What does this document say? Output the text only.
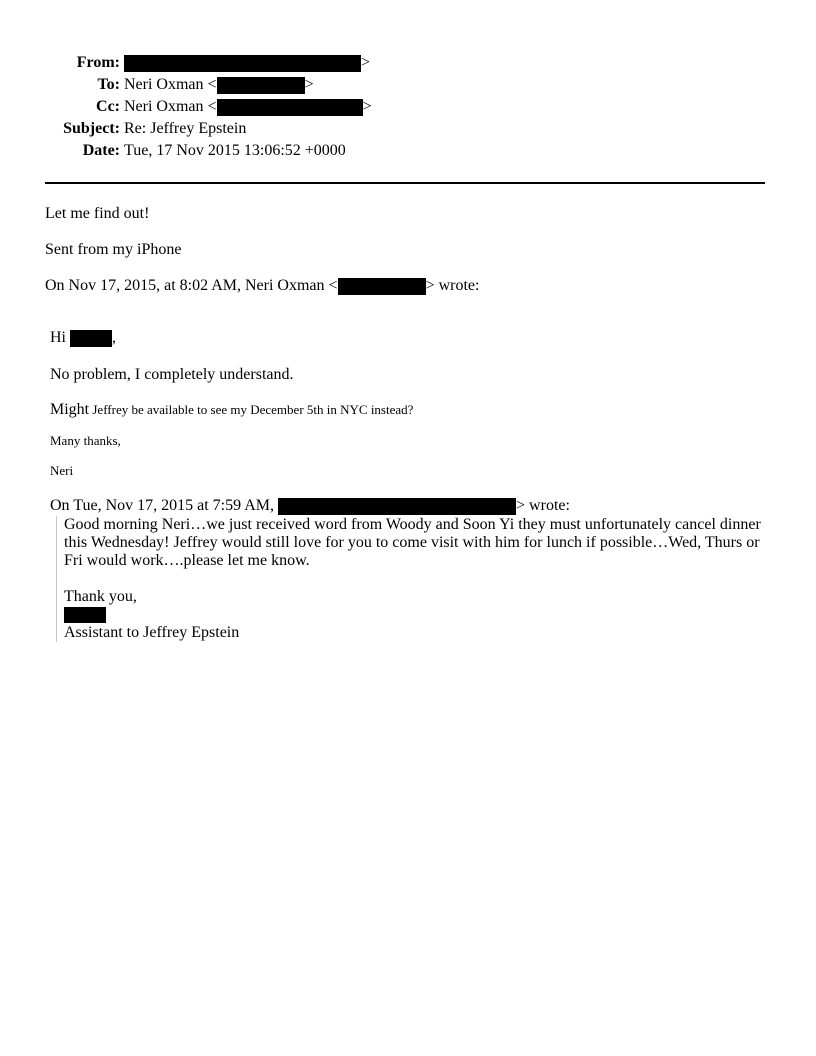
From:	>
To: Neri Oxman <	>
Cc: Neri Oxman <	>
Subject: Re: Jeffrey Epstein
Date: Tue, 17 Nov 2015 13:06:52 +0000
Let me find out!
Sent from my iPhone
On Nov 17, 2015, at 8:02 AM, Neri Oxman <	> wrote:
Hi	,
No problem, I completely understand.
Might Jeffrey be available to see my December 5th in NYC instead?
Many thanks,
Neri
On Tue, Nov 17, 2015 at 7:59 AM,	> wrote:
Good morning Neri…we just received word from Woody and Soon Yi they must unfortunately cancel dinner
this Wednesday! Jeffrey would still love for you to come visit with him for lunch if possible…Wed, Thurs or
Fri would work….please let me know.
Thank you,
Assistant to Jeffrey Epstein
